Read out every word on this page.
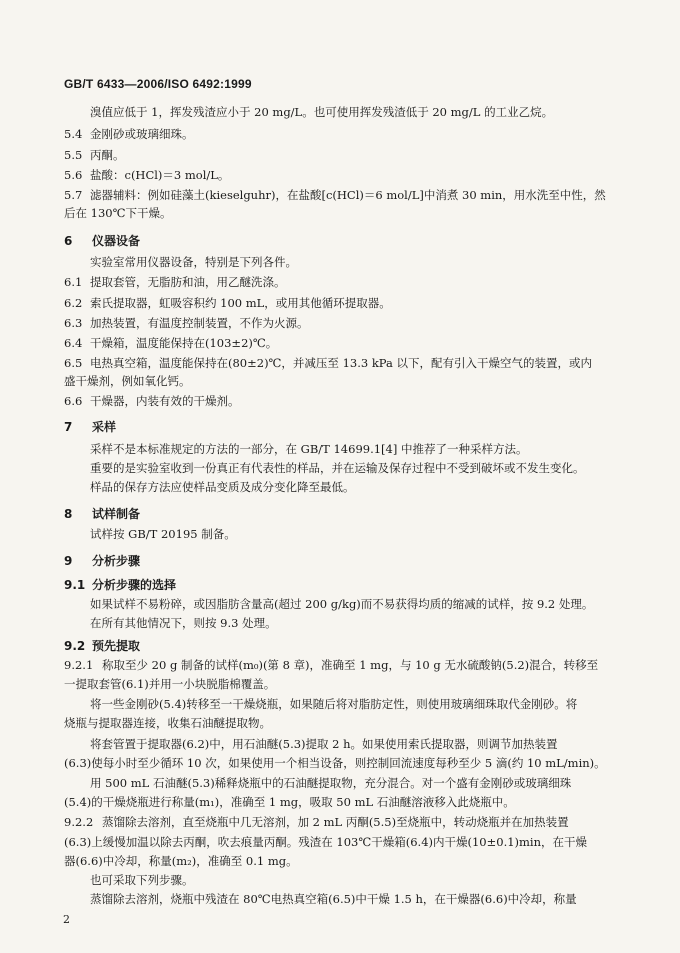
GB/T 6433—2006/ISO 6492:1999
溴值应低于 1，挥发残渣应小于 20 mg/L。也可使用挥发残渣低于 20 mg/L 的工业乙烷。
5.4 金刚砂或玻璃细珠。
5.5 丙酮。
5.6 盐酸：c(HCl)＝3 mol/L。
5.7 滤器辅料：例如硅藻土(kieselguhr)，在盐酸[c(HCl)＝6 mol/L]中消煮 30 min，用水洗至中性，然
后在 130℃下干燥。
6 仪器设备
实验室常用仪器设备，特别是下列各件。
6.1 提取套管，无脂肪和油，用乙醚洗涤。
6.2 索氏提取器，虹吸容积约 100 mL，或用其他循环提取器。
6.3 加热装置，有温度控制装置，不作为火源。
6.4 干燥箱，温度能保持在(103±2)℃。
6.5 电热真空箱，温度能保持在(80±2)℃，并减压至 13.3 kPa 以下，配有引入干燥空气的装置，或内
盛干燥剂，例如氧化钙。
6.6 干燥器，内装有效的干燥剂。
7 采样
采样不是本标准规定的方法的一部分，在 GB/T 14699.1[4] 中推荐了一种采样方法。
重要的是实验室收到一份真正有代表性的样品，并在运输及保存过程中不受到破坏或不发生变化。
样品的保存方法应使样品变质及成分变化降至最低。
8 试样制备
试样按 GB/T 20195 制备。
9 分析步骤
9.1 分析步骤的选择
如果试样不易粉碎，或因脂肪含量高(超过 200 g/kg)而不易获得均质的缩减的试样，按 9.2 处理。
在所有其他情况下，则按 9.3 处理。
9.2 预先提取
9.2.1 称取至少 20 g 制备的试样(m₀)(第 8 章)，准确至 1 mg，与 10 g 无水硫酸钠(5.2)混合，转移至
一提取套管(6.1)并用一小块脱脂棉覆盖。
将一些金刚砂(5.4)转移至一干燥烧瓶，如果随后将对脂肪定性，则使用玻璃细珠取代金刚砂。将
烧瓶与提取器连接，收集石油醚提取物。
将套管置于提取器(6.2)中，用石油醚(5.3)提取 2 h。如果使用索氏提取器，则调节加热装置
(6.3)使每小时至少循环 10 次，如果使用一个相当设备，则控制回流速度每秒至少 5 滴(约 10 mL/min)。
用 500 mL 石油醚(5.3)稀释烧瓶中的石油醚提取物，充分混合。对一个盛有金刚砂或玻璃细珠
(5.4)的干燥烧瓶进行称量(m₁)，准确至 1 mg，吸取 50 mL 石油醚溶液移入此烧瓶中。
9.2.2 蒸馏除去溶剂，直至烧瓶中几无溶剂，加 2 mL 丙酮(5.5)至烧瓶中，转动烧瓶并在加热装置
(6.3)上缓慢加温以除去丙酮，吹去痕量丙酮。残渣在 103℃干燥箱(6.4)内干燥(10±0.1)min，在干燥
器(6.6)中冷却，称量(m₂)，准确至 0.1 mg。
也可采取下列步骤。
蒸馏除去溶剂，烧瓶中残渣在 80℃电热真空箱(6.5)中干燥 1.5 h，在干燥器(6.6)中冷却，称量
2
